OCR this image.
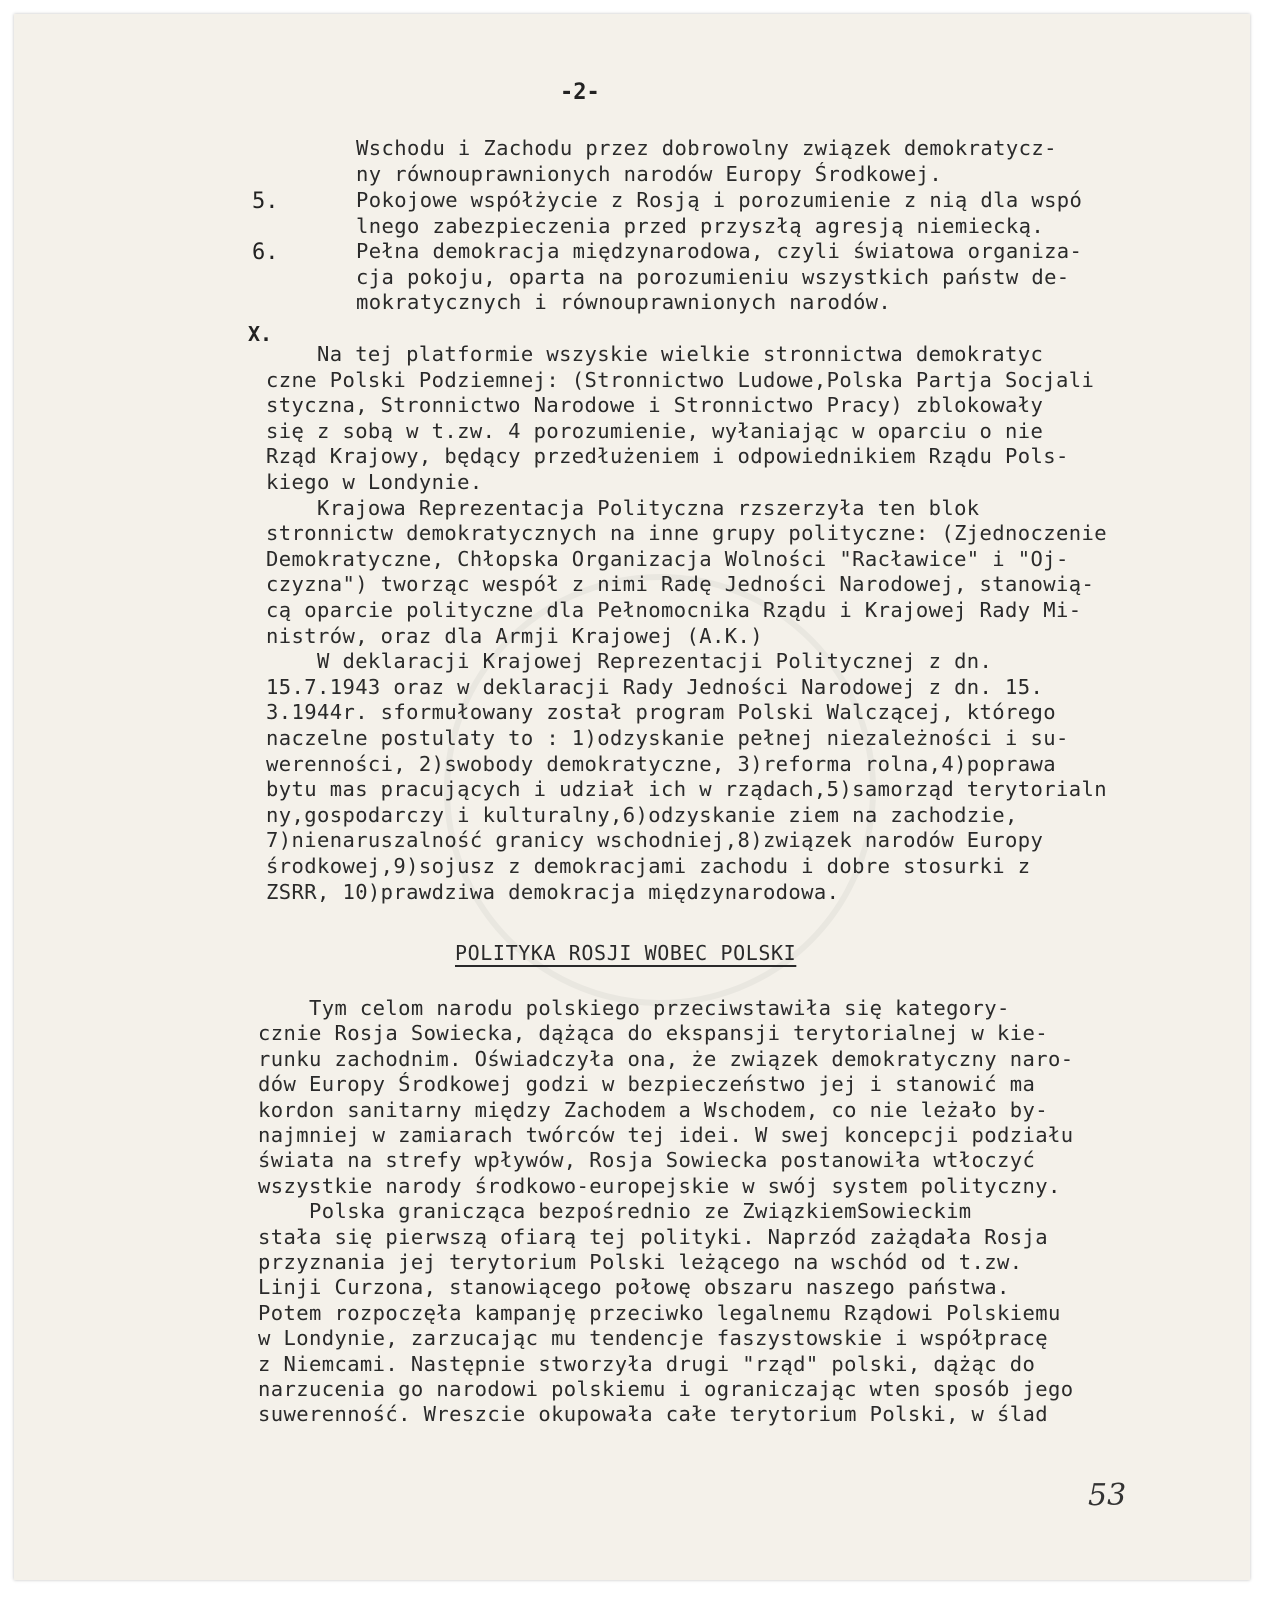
-2-
Wschodu i Zachodu przez dobrowolny związek demokratycz-
ny równouprawnionych narodów Europy Środkowej.
5.	Pokojowe współżycie z Rosją i porozumienie z nią dla wspó
lnego zabezpieczenia przed przyszłą agresją niemiecką.
6.	Pełna demokracja międzynarodowa, czyli światowa organiza-
cja pokoju, oparta na porozumieniu wszystkich państw de-
mokratycznych i równouprawnionych narodów.
X.
Na tej platformie wszyskie wielkie stronnictwa demokratyc
czne Polski Podziemnej: (Stronnictwo Ludowe,Polska Partja Socjali
styczna, Stronnictwo Narodowe i Stronnictwo Pracy) zblokowały
się z sobą w t.zw. 4 porozumienie, wyłaniając w oparciu o nie
Rząd Krajowy, będący przedłużeniem i odpowiednikiem Rządu Pols-
kiego w Londynie.
Krajowa Reprezentacja Polityczna rzszerzyła ten blok
stronnictw demokratycznych na inne grupy polityczne: (Zjednoczenie
Demokratyczne, Chłopska Organizacja Wolności "Racławice" i "Oj-
czyzna") tworząc wespół z nimi Radę Jedności Narodowej, stanowią-
cą oparcie polityczne dla Pełnomocnika Rządu i Krajowej Rady Mi-
nistrów, oraz dla Armji Krajowej (A.K.)
W deklaracji Krajowej Reprezentacji Politycznej z dn.
15.7.1943 oraz w deklaracji Rady Jedności Narodowej z dn. 15.
3.1944r. sformułowany został program Polski Walczącej, którego
naczelne postulaty to : 1)odzyskanie pełnej niezależności i su-
werenności, 2)swobody demokratyczne, 3)reforma rolna,4)poprawa
bytu mas pracujących i udział ich w rządach,5)samorząd terytorialn
ny,gospodarczy i kulturalny,6)odzyskanie ziem na zachodzie,
7)nienaruszalność granicy wschodniej,8)związek narodów Europy
środkowej,9)sojusz z demokracjami zachodu i dobre stosurki z
ZSRR, 10)prawdziwa demokracja międzynarodowa.
POLITYKA ROSJI WOBEC POLSKI
Tym celom narodu polskiego przeciwstawiła się kategory-
cznie Rosja Sowiecka, dążąca do ekspansji terytorialnej w kie-
runku zachodnim. Oświadczyła ona, że związek demokratyczny naro-
dów Europy Środkowej godzi w bezpieczeństwo jej i stanowić ma
kordon sanitarny między Zachodem a Wschodem, co nie leżało by-
najmniej w zamiarach twórców tej idei. W swej koncepcji podziału
świata na strefy wpływów, Rosja Sowiecka postanowiła wtłoczyć
wszystkie narody środkowo-europejskie w swój system polityczny.
Polska granicząca bezpośrednio ze ZwiązkiemSowieckim
stała się pierwszą ofiarą tej polityki. Naprzód zażądała Rosja
przyznania jej terytorium Polski leżącego na wschód od t.zw.
Linji Curzona, stanowiącego połowę obszaru naszego państwa.
Potem rozpoczęła kampanję przeciwko legalnemu Rządowi Polskiemu
w Londynie, zarzucając mu tendencje faszystowskie i współpracę
z Niemcami. Następnie stworzyła drugi "rząd" polski, dążąc do
narzucenia go narodowi polskiemu i ograniczając wten sposób jego
suwerenność. Wreszcie okupowała całe terytorium Polski, w ślad
53
